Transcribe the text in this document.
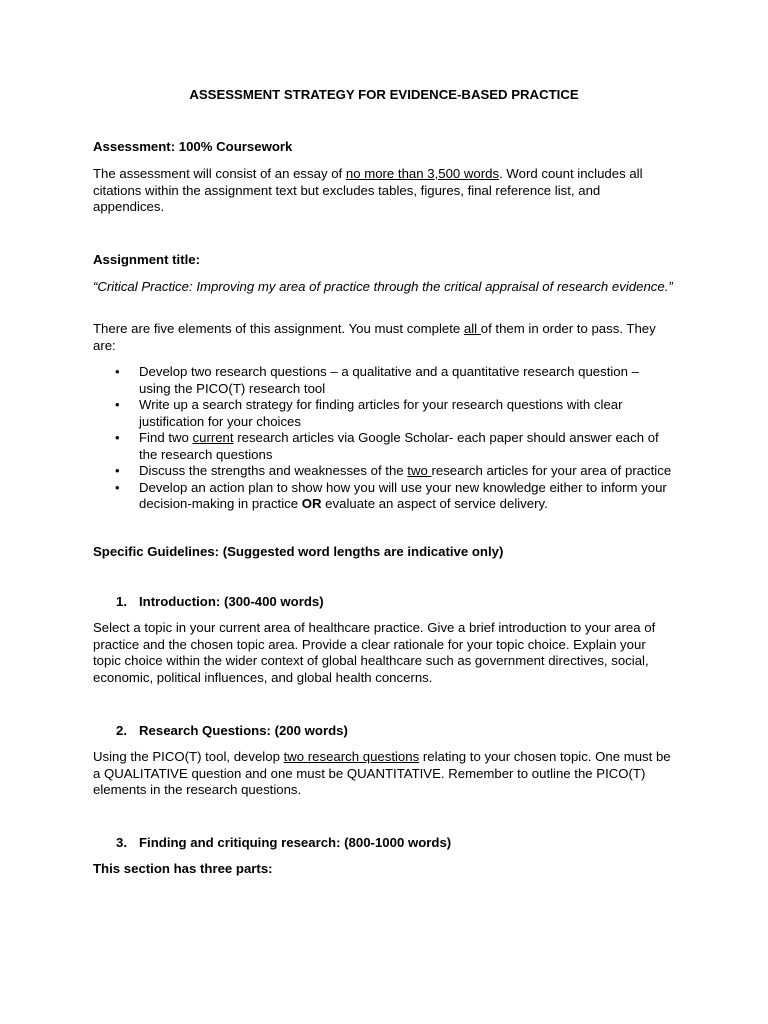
ASSESSMENT STRATEGY FOR EVIDENCE-BASED PRACTICE

Assessment: 100% Coursework

The assessment will consist of an essay of no more than 3,500 words. Word count includes all citations within the assignment text but excludes tables, figures, final reference list, and appendices.

Assignment title:

“Critical Practice: Improving my area of practice through the critical appraisal of research evidence.”

There are five elements of this assignment. You must complete all of them in order to pass. They are:

• Develop two research questions – a qualitative and a quantitative research question – using the PICO(T) research tool
• Write up a search strategy for finding articles for your research questions with clear justification for your choices
• Find two current research articles via Google Scholar- each paper should answer each of the research questions
• Discuss the strengths and weaknesses of the two research articles for your area of practice
• Develop an action plan to show how you will use your new knowledge either to inform your decision-making in practice OR evaluate an aspect of service delivery.

Specific Guidelines: (Suggested word lengths are indicative only)

1. Introduction: (300-400 words)

Select a topic in your current area of healthcare practice. Give a brief introduction to your area of practice and the chosen topic area. Provide a clear rationale for your topic choice. Explain your topic choice within the wider context of global healthcare such as government directives, social, economic, political influences, and global health concerns.

2. Research Questions: (200 words)

Using the PICO(T) tool, develop two research questions relating to your chosen topic. One must be a QUALITATIVE question and one must be QUANTITATIVE. Remember to outline the PICO(T) elements in the research questions.

3. Finding and critiquing research: (800-1000 words)

This section has three parts:
